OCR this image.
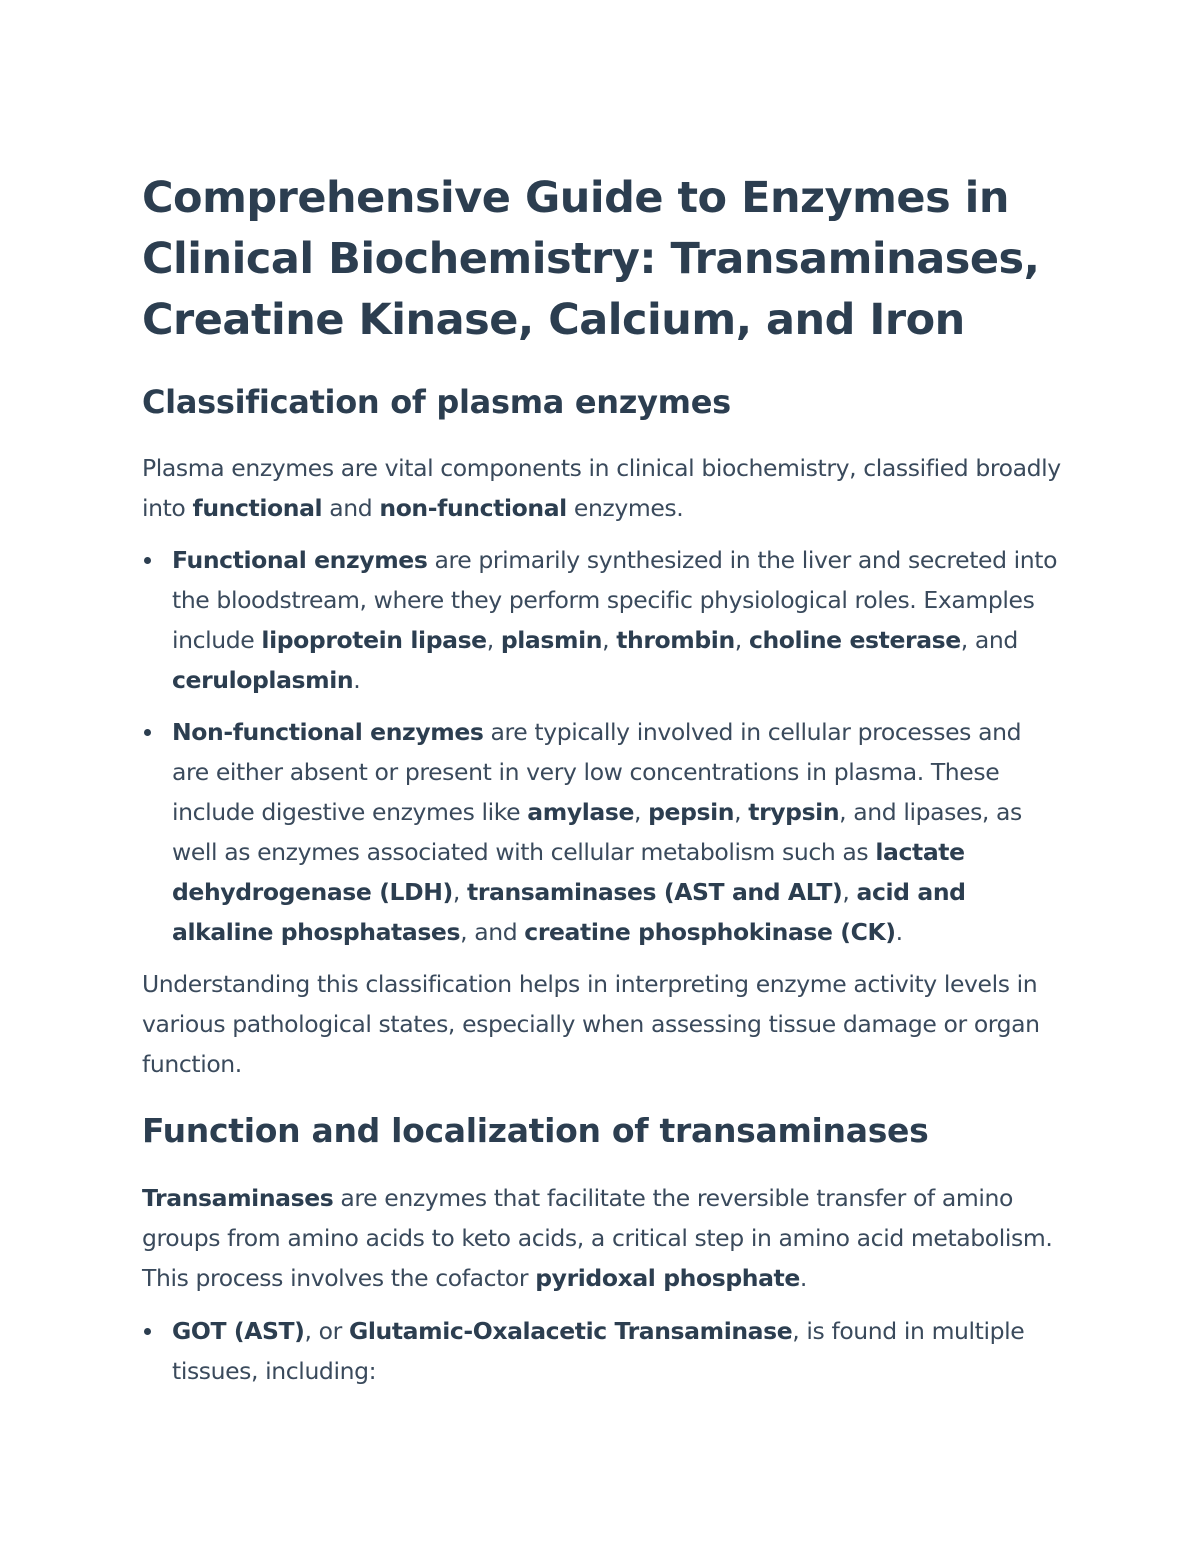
Comprehensive Guide to Enzymes in Clinical Biochemistry: Transaminases, Creatine Kinase, Calcium, and Iron
Classification of plasma enzymes

Plasma enzymes are vital components in clinical biochemistry, classified broadly into functional and non-functional enzymes.

Functional enzymes are primarily synthesized in the liver and secreted into the bloodstream, where they perform specific physiological roles. Examples include lipoprotein lipase, plasmin, thrombin, choline esterase, and ceruloplasmin.
Non-functional enzymes are typically involved in cellular processes and are either absent or present in very low concentrations in plasma. These include digestive enzymes like amylase, pepsin, trypsin, and lipases, as well as enzymes associated with cellular metabolism such as lactate dehydrogenase (LDH), transaminases (AST and ALT), acid and alkaline phosphatases, and creatine phosphokinase (CK).

Understanding this classification helps in interpreting enzyme activity levels in various pathological states, especially when assessing tissue damage or organ function.

Function and localization of transaminases

Transaminases are enzymes that facilitate the reversible transfer of amino groups from amino acids to keto acids, a critical step in amino acid metabolism. This process involves the cofactor pyridoxal phosphate.

GOT (AST), or Glutamic-Oxalacetic Transaminase, is found in multiple tissues, including:
